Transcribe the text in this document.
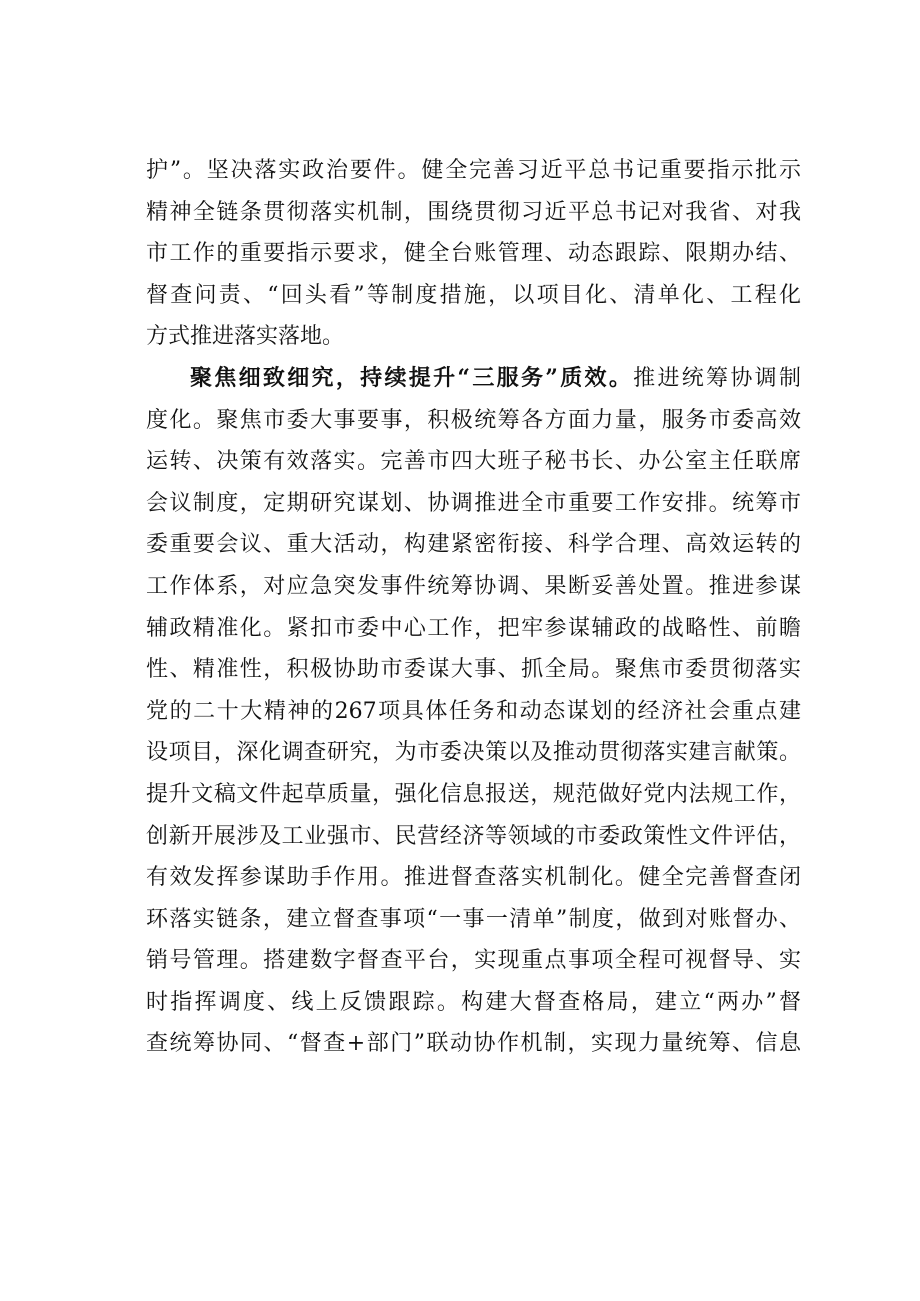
护”。坚决落实政治要件。健全完善习近平总书记重要指示批示
精神全链条贯彻落实机制，围绕贯彻习近平总书记对我省、对我
市工作的重要指示要求，健全台账管理、动态跟踪、限期办结、
督查问责、“回头看”等制度措施，以项目化、清单化、工程化
方式推进落实落地。
聚焦细致细究，持续提升“三服务”质效。推进统筹协调制
度化。聚焦市委大事要事，积极统筹各方面力量，服务市委高效
运转、决策有效落实。完善市四大班子秘书长、办公室主任联席
会议制度，定期研究谋划、协调推进全市重要工作安排。统筹市
委重要会议、重大活动，构建紧密衔接、科学合理、高效运转的
工作体系，对应急突发事件统筹协调、果断妥善处置。推进参谋
辅政精准化。紧扣市委中心工作，把牢参谋辅政的战略性、前瞻
性、精准性，积极协助市委谋大事、抓全局。聚焦市委贯彻落实
党的二十大精神的267项具体任务和动态谋划的经济社会重点建
设项目，深化调查研究，为市委决策以及推动贯彻落实建言献策。
提升文稿文件起草质量，强化信息报送，规范做好党内法规工作，
创新开展涉及工业强市、民营经济等领域的市委政策性文件评估，
有效发挥参谋助手作用。推进督查落实机制化。健全完善督查闭
环落实链条，建立督查事项“一事一清单”制度，做到对账督办、
销号管理。搭建数字督查平台，实现重点事项全程可视督导、实
时指挥调度、线上反馈跟踪。构建大督查格局，建立“两办”督
查统筹协同、“督查+部门”联动协作机制，实现力量统筹、信息
